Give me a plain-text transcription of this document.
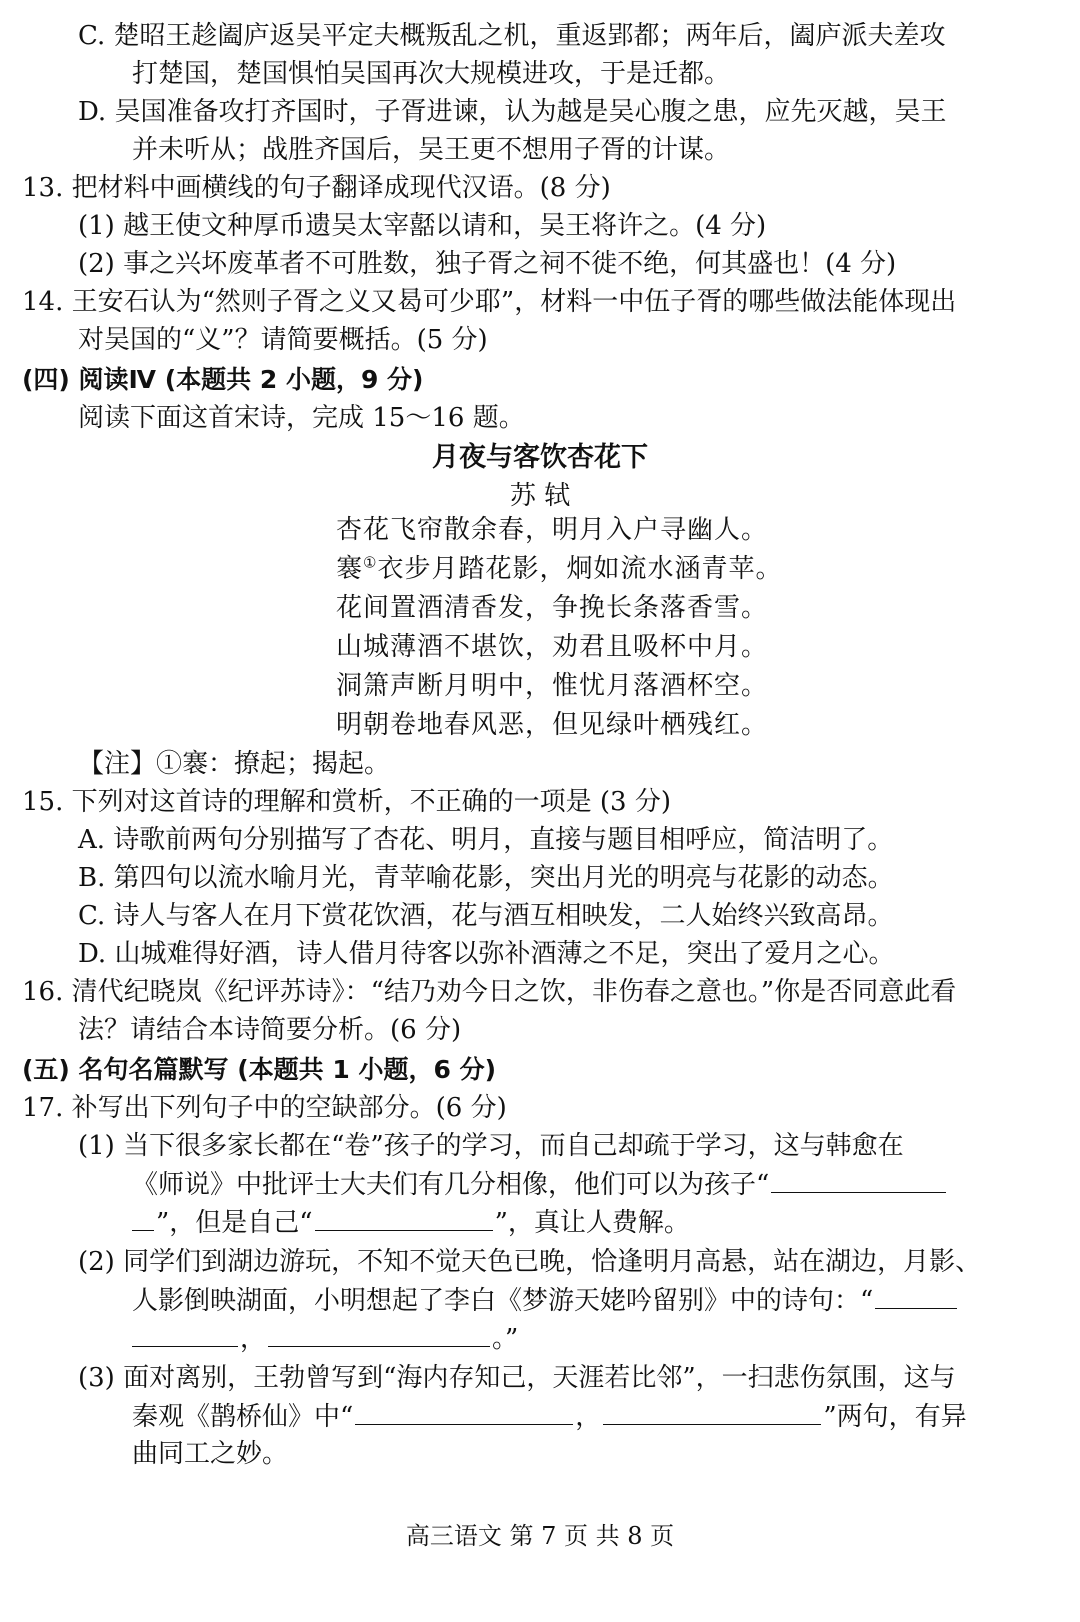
C. 楚昭王趁阖庐返吴平定夫概叛乱之机，重返郢都；两年后，阖庐派夫差攻
打楚国，楚国惧怕吴国再次大规模进攻，于是迁都。
D. 吴国准备攻打齐国时，子胥进谏，认为越是吴心腹之患，应先灭越，吴王
并未听从；战胜齐国后，吴王更不想用子胥的计谋。
13. 把材料中画横线的句子翻译成现代汉语。(8 分)
(1) 越王使文种厚币遗吴太宰嚭以请和，吴王将许之。(4 分)
(2) 事之兴坏废革者不可胜数，独子胥之祠不徙不绝，何其盛也！(4 分)
14. 王安石认为“然则子胥之义又曷可少耶”，材料一中伍子胥的哪些做法能体现出
对吴国的“义”？请简要概括。(5 分)
(四) 阅读Ⅳ (本题共 2 小题，9 分)
阅读下面这首宋诗，完成 15～16 题。
月夜与客饮杏花下
苏 轼
杏花飞帘散余春，明月入户寻幽人。
褰①衣步月踏花影，炯如流水涵青苹。
花间置酒清香发，争挽长条落香雪。
山城薄酒不堪饮，劝君且吸杯中月。
洞箫声断月明中，惟忧月落酒杯空。
明朝卷地春风恶，但见绿叶栖残红。
【注】①褰：撩起；揭起。
15. 下列对这首诗的理解和赏析，不正确的一项是 (3 分)
A. 诗歌前两句分别描写了杏花、明月，直接与题目相呼应，简洁明了。
B. 第四句以流水喻月光，青苹喻花影，突出月光的明亮与花影的动态。
C. 诗人与客人在月下赏花饮酒，花与酒互相映发，二人始终兴致高昂。
D. 山城难得好酒，诗人借月待客以弥补酒薄之不足，突出了爱月之心。
16. 清代纪晓岚《纪评苏诗》：“结乃劝今日之饮，非伤春之意也。”你是否同意此看
法？请结合本诗简要分析。(6 分)
(五) 名句名篇默写 (本题共 1 小题，6 分)
17. 补写出下列句子中的空缺部分。(6 分)
(1) 当下很多家长都在“卷”孩子的学习，而自己却疏于学习，这与韩愈在
《师说》中批评士大夫们有几分相像，他们可以为孩子“
”，但是自己“	”，真让人费解。
(2) 同学们到湖边游玩，不知不觉天色已晚，恰逢明月高悬，站在湖边，月影、
人影倒映湖面，小明想起了李白《梦游天姥吟留别》中的诗句：“
，	。”
(3) 面对离别，王勃曾写到“海内存知己，天涯若比邻”，一扫悲伤氛围，这与
秦观《鹊桥仙》中“	，	”两句，有异
曲同工之妙。
高三语文 第 7 页 共 8 页
